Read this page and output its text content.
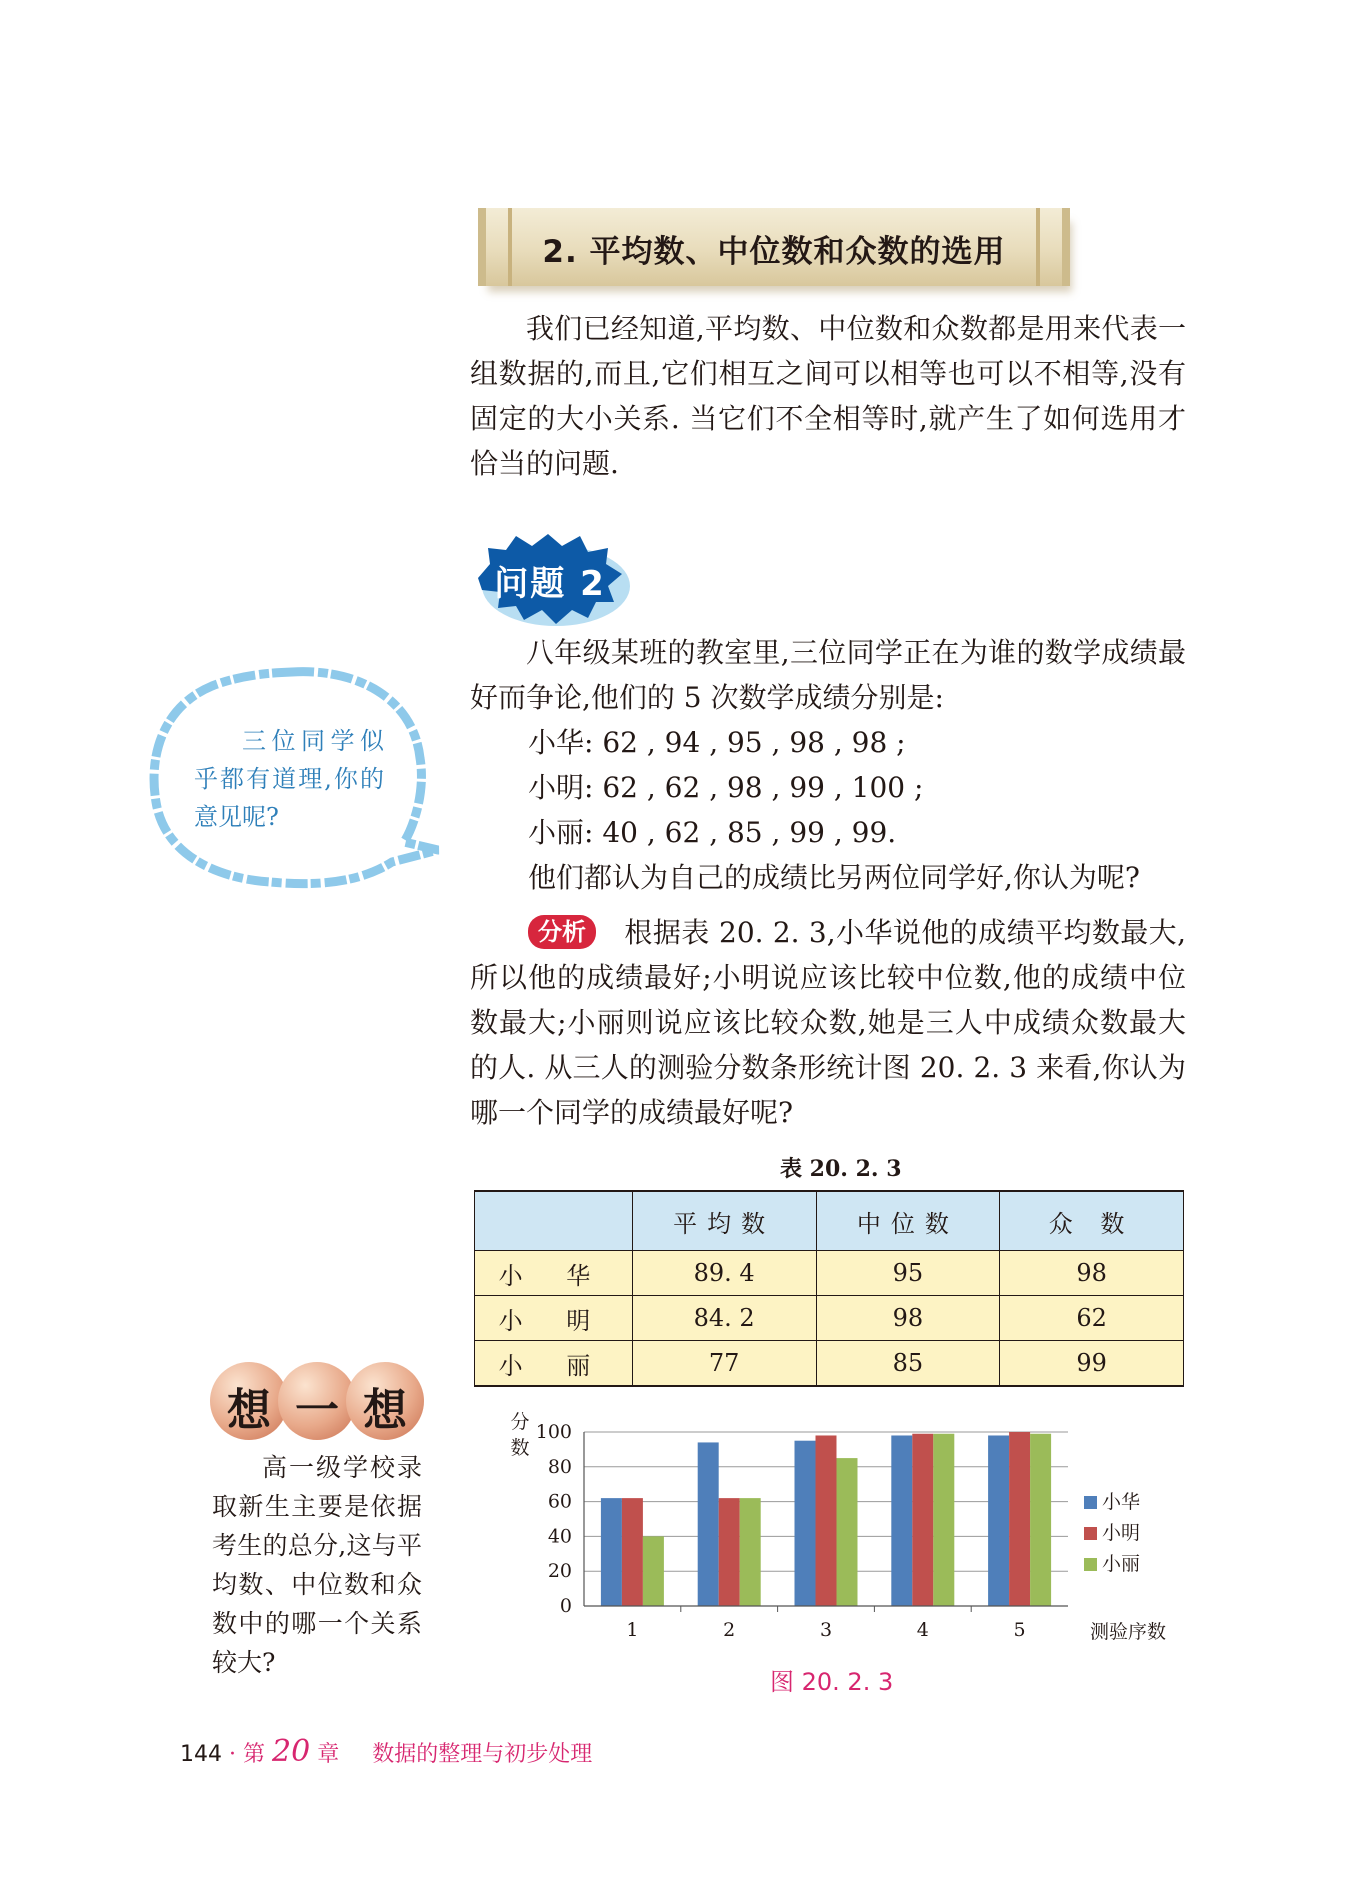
2. 平均数、中位数和众数的选用
我们已经知道,平均数、中位数和众数都是用来代表一组数据的,而且,它们相互之间可以相等也可以不相等,没有固定的大小关系. 当它们不全相等时,就产生了如何选用才恰当的问题.
问题 2
八年级某班的教室里,三位同学正在为谁的数学成绩最好而争论,他们的 5 次数学成绩分别是:
小华: 62 , 94 , 95 , 98 , 98 ;
小明: 62 , 62 , 98 , 99 , 100 ;
小丽: 40 , 62 , 85 , 99 , 99.
他们都认为自己的成绩比另两位同学好,你认为呢?
三位同学似乎都有道理,你的意见呢?
分析 根据表 20. 2. 3,小华说他的成绩平均数最大,所以他的成绩最好;小明说应该比较中位数,他的成绩中位数最大;小丽则说应该比较众数,她是三人中成绩众数最大的人. 从三人的测验分数条形统计图 20. 2. 3 来看,你认为哪一个同学的成绩最好呢?
表 20. 2. 3
	平均数	中位数	众 数
小 华	89. 4	95	98
小 明	84. 2	98	62
小 丽	77	85	99
想 一 想
高一级学校录取新生主要是依据考生的总分,这与平均数、中位数和众数中的哪一个关系较大?
0
20
40
60
80
100
1	2	3	4	5
分
数
测验序数
小华
小明
小丽
图 20. 2. 3
144 · 第 20 章 数据的整理与初步处理
